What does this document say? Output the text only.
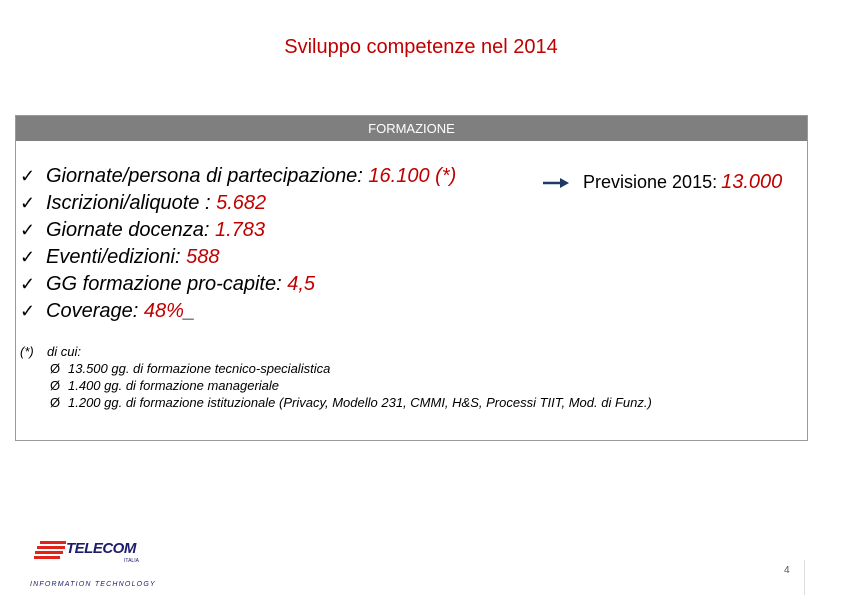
Sviluppo competenze nel 2014
FORMAZIONE
✓ Giornate/persona di partecipazione: 16.100 (*)
✓ Iscrizioni/aliquote : 5.682
✓ Giornate docenza: 1.783
✓ Eventi/edizioni: 588
✓ GG formazione pro-capite: 4,5
✓ Coverage: 48%_
Previsione 2015: 13.000
(*) di cui:
Ø 13.500 gg. di formazione tecnico-specialistica
Ø 1.400 gg. di formazione manageriale
Ø 1.200 gg. di formazione istituzionale (Privacy, Modello 231, CMMI, H&S, Processi TIIT, Mod. di Funz.)
TELECOM
ITALIA
INFORMATION TECHNOLOGY
4
